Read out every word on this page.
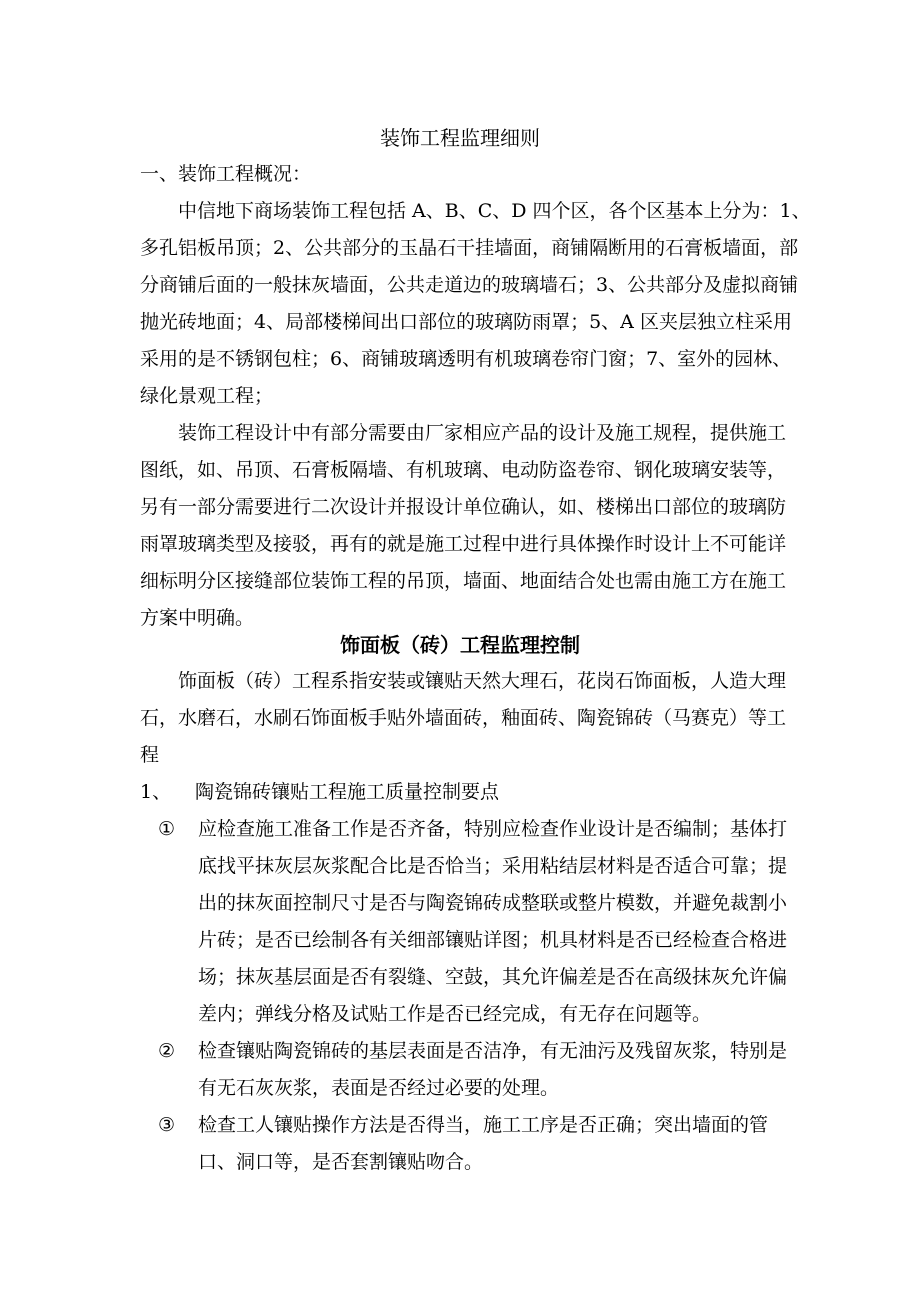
装饰工程监理细则
一、装饰工程概况：
中信地下商场装饰工程包括 A、B、C、D 四个区，各个区基本上分为：1、
多孔铝板吊顶；2、公共部分的玉晶石干挂墙面，商铺隔断用的石膏板墙面，部
分商铺后面的一般抹灰墙面，公共走道边的玻璃墙石；3、公共部分及虚拟商铺
抛光砖地面；4、局部楼梯间出口部位的玻璃防雨罩；5、A 区夹层独立柱采用
采用的是不锈钢包柱；6、商铺玻璃透明有机玻璃卷帘门窗；7、室外的园林、
绿化景观工程；
装饰工程设计中有部分需要由厂家相应产品的设计及施工规程，提供施工
图纸，如、吊顶、石膏板隔墙、有机玻璃、电动防盗卷帘、钢化玻璃安装等，
另有一部分需要进行二次设计并报设计单位确认，如、楼梯出口部位的玻璃防
雨罩玻璃类型及接驳，再有的就是施工过程中进行具体操作时设计上不可能详
细标明分区接缝部位装饰工程的吊顶，墙面、地面结合处也需由施工方在施工
方案中明确。
饰面板（砖）工程监理控制
饰面板（砖）工程系指安装或镶贴天然大理石，花岗石饰面板，人造大理
石，水磨石，水刷石饰面板手贴外墙面砖，釉面砖、陶瓷锦砖（马赛克）等工
程
1、 陶瓷锦砖镶贴工程施工质量控制要点
① 应检查施工准备工作是否齐备，特别应检查作业设计是否编制；基体打
底找平抹灰层灰浆配合比是否恰当；采用粘结层材料是否适合可靠；提
出的抹灰面控制尺寸是否与陶瓷锦砖成整联或整片模数，并避免裁割小
片砖；是否已绘制各有关细部镶贴详图；机具材料是否已经检查合格进
场；抹灰基层面是否有裂缝、空鼓，其允许偏差是否在高级抹灰允许偏
差内；弹线分格及试贴工作是否已经完成，有无存在问题等。
② 检查镶贴陶瓷锦砖的基层表面是否洁净，有无油污及残留灰浆，特别是
有无石灰灰浆，表面是否经过必要的处理。
③ 检查工人镶贴操作方法是否得当，施工工序是否正确；突出墙面的管
口、洞口等，是否套割镶贴吻合。
